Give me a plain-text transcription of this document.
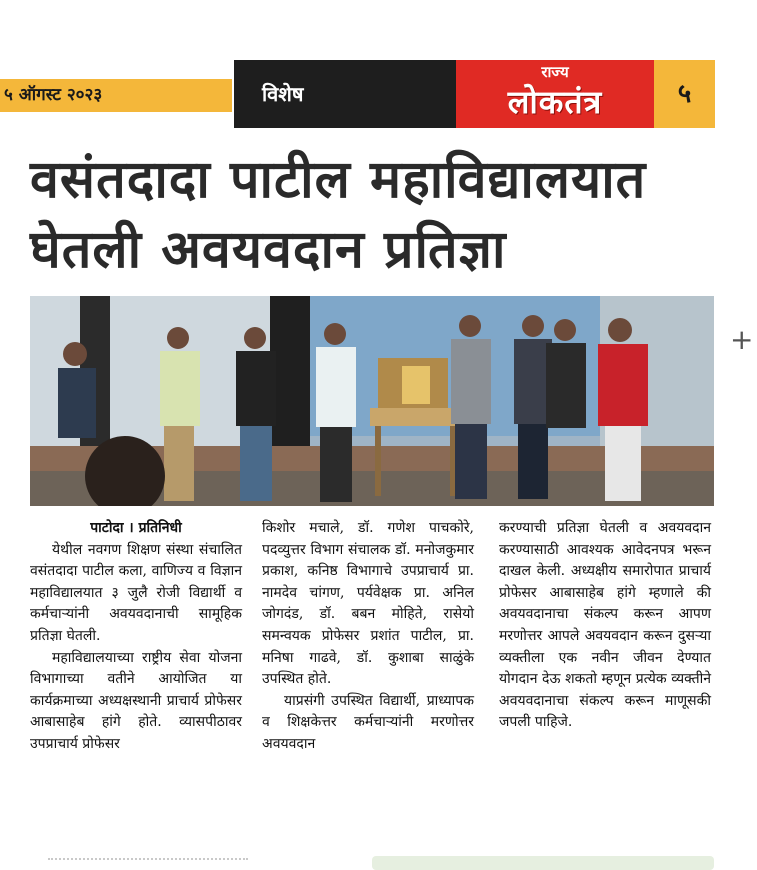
५ ऑगस्ट २०२३	विशेष
राज्य
लोकतंत्र	५
+
वसंतदादा पाटील महाविद्यालयात घेतली अवयवदान प्रतिज्ञा

पाटोदा । प्रतिनिधी

येथील नवगण शिक्षण संस्था संचालित वसंतदादा पाटील कला, वाणिज्य व विज्ञान महाविद्यालयात ३ जुलै रोजी विद्यार्थी व कर्मचाऱ्यांनी अवयवदानाची सामूहिक प्रतिज्ञा घेतली.

महाविद्यालयाच्या राष्ट्रीय सेवा योजना विभागाच्या वतीने आयोजित या कार्यक्रमाच्या अध्यक्षस्थानी प्राचार्य प्रोफेसर आबासाहेब हांगे होते. व्यासपीठावर उपप्राचार्य प्रोफेसर

किशोर मचाले, डॉ. गणेश पाचकोरे, पदव्युत्तर विभाग संचालक डॉ. मनोजकुमार प्रकाश, कनिष्ठ विभागाचे उपप्राचार्य प्रा. नामदेव चांगण, पर्यवेक्षक प्रा. अनिल जोगदंड, डॉ. बबन मोहिते, रासेयो समन्वयक प्रोफेसर प्रशांत पाटील, प्रा. मनिषा गाढवे, डॉ. कुशाबा साळुंके उपस्थित होते.

याप्रसंगी उपस्थित विद्यार्थी, प्राध्यापक व शिक्षकेत्तर कर्मचाऱ्यांनी मरणोत्तर अवयवदान

करण्याची प्रतिज्ञा घेतली व अवयवदान करण्यासाठी आवश्यक आवेदनपत्र भरून दाखल केली. अध्यक्षीय समारोपात प्राचार्य प्रोफेसर आबासाहेब हांगे म्हणाले की अवयवदानाचा संकल्प करून आपण मरणोत्तर आपले अवयवदान करून दुसऱ्या व्यक्तीला एक नवीन जीवन देण्यात योगदान देऊ शकतो म्हणून प्रत्येक व्यक्तीने अवयवदानाचा संकल्प करून माणूसकी जपली पाहिजे.
